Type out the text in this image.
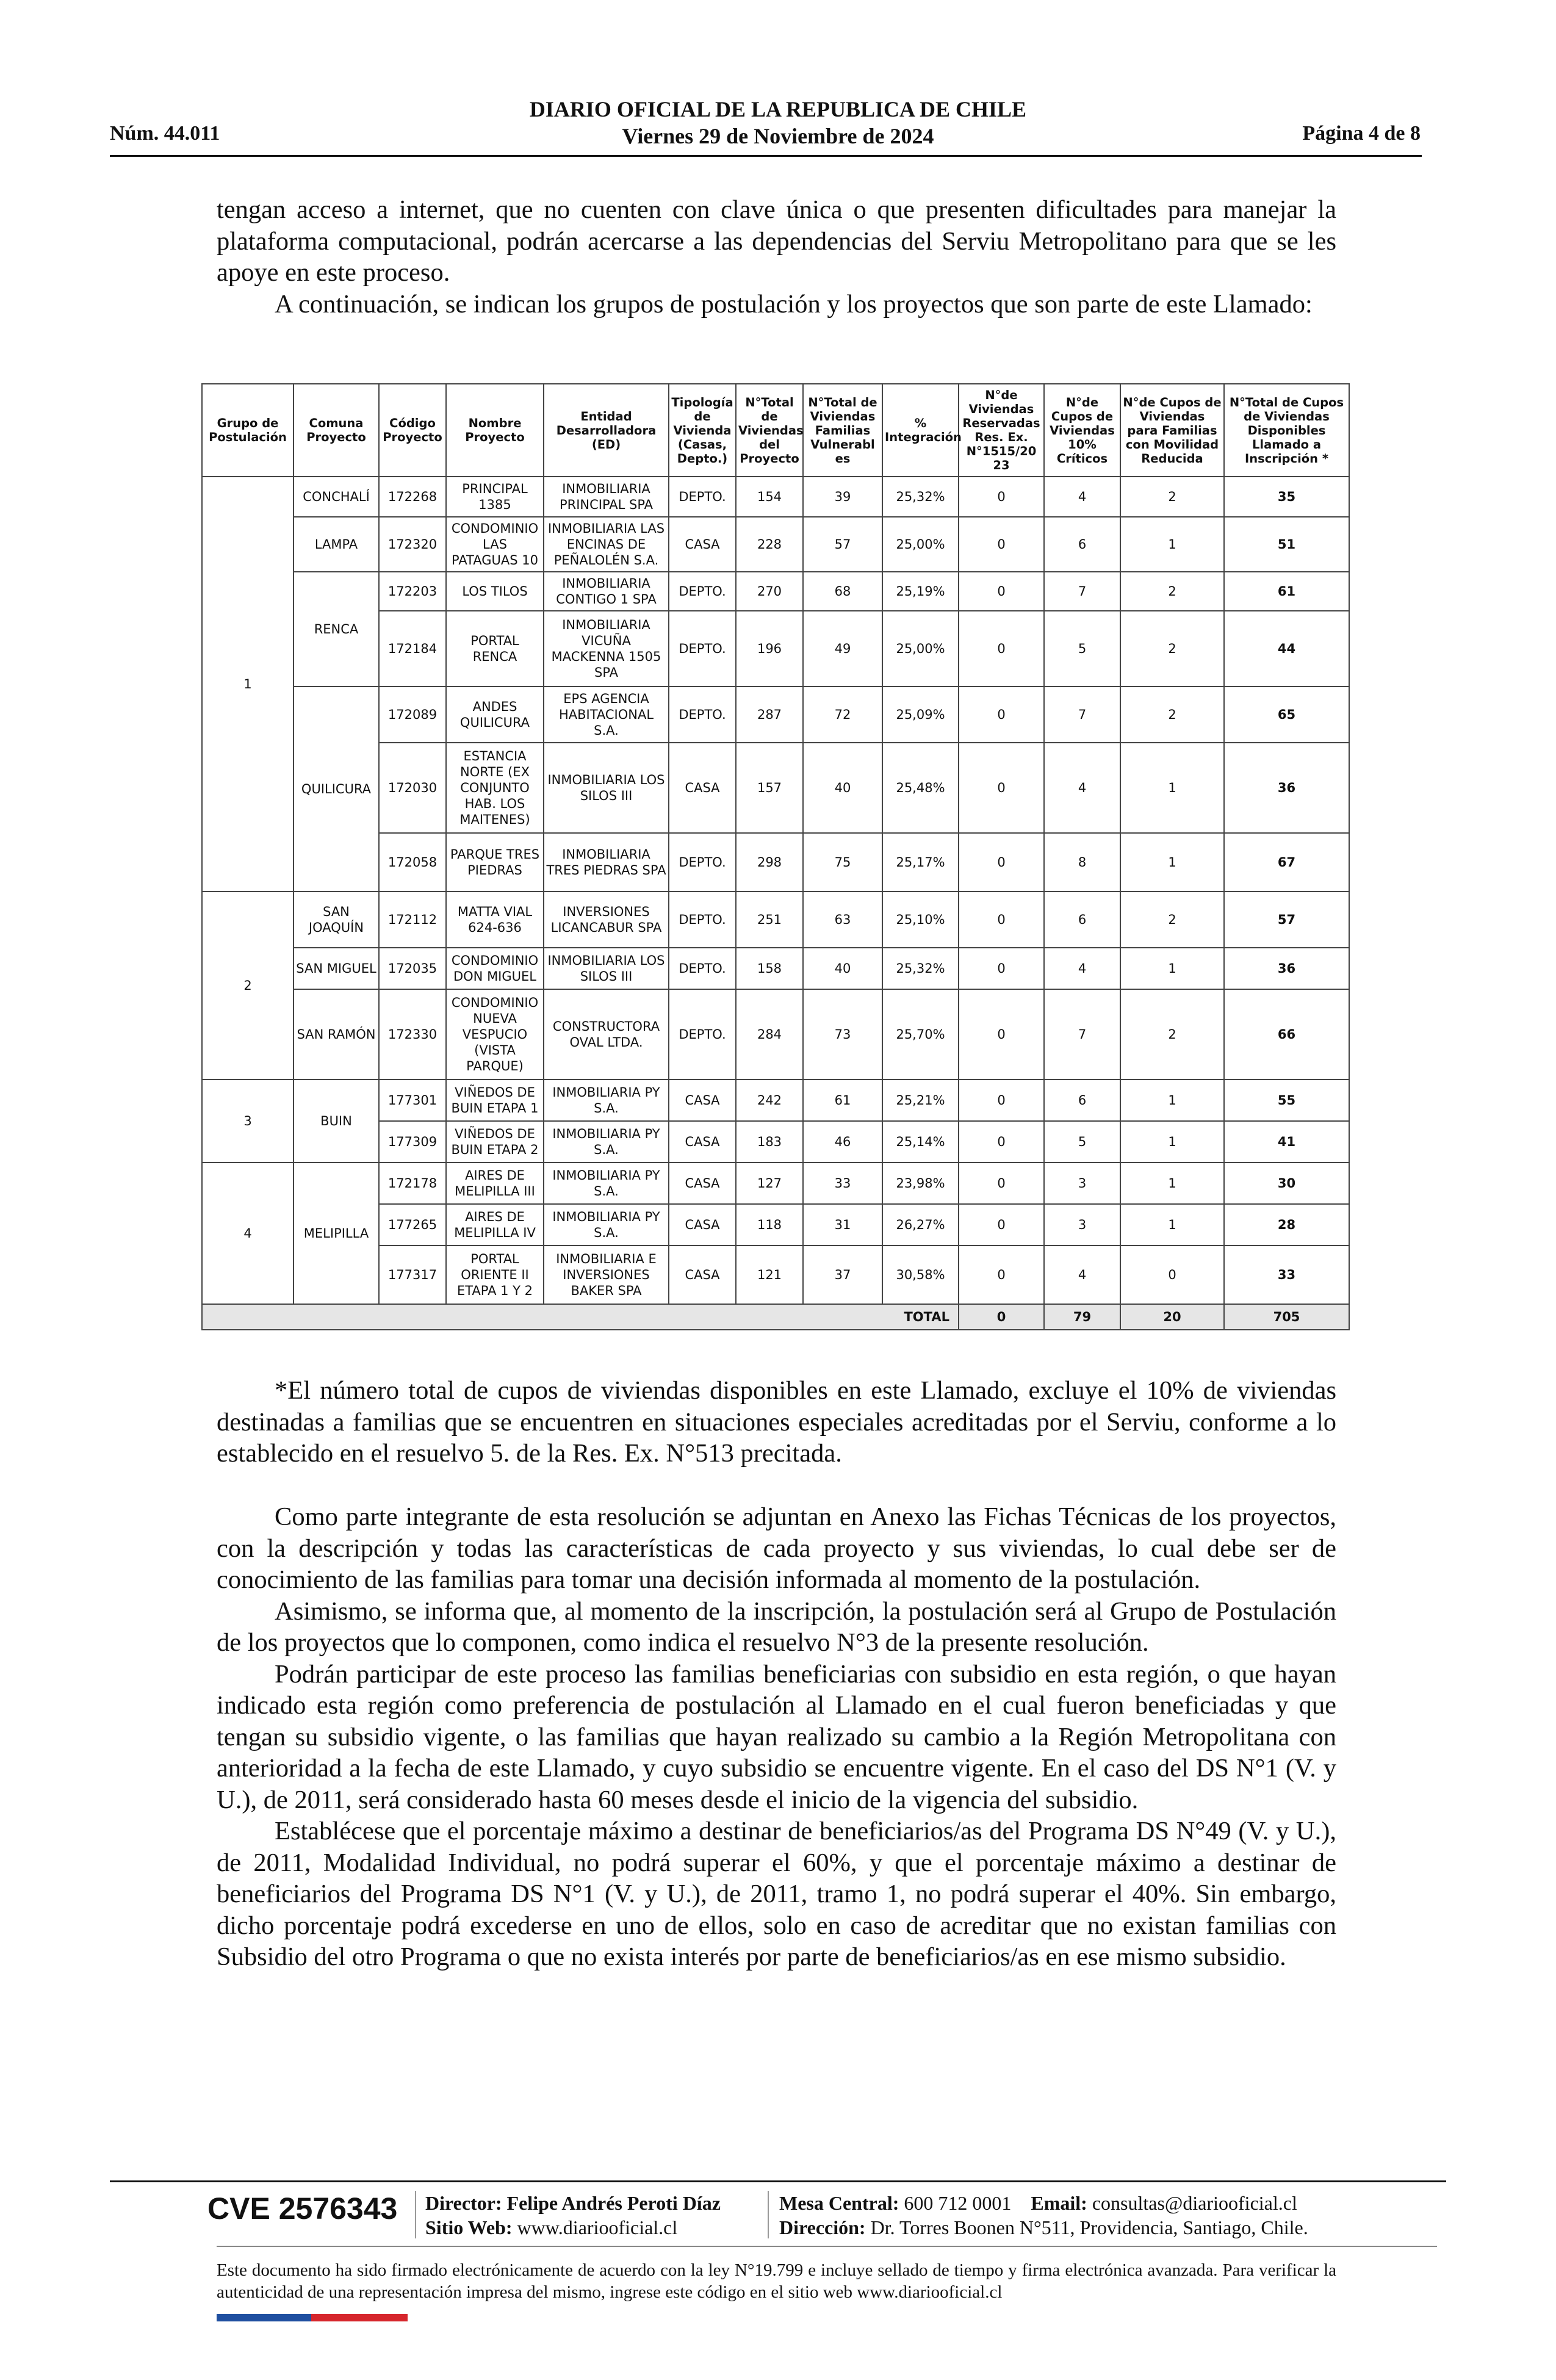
DIARIO OFICIAL DE LA REPUBLICA DE CHILE
Viernes 29 de Noviembre de 2024
Núm. 44.011	Página 4 de 8

tengan acceso a internet, que no cuenten con clave única o que presenten dificultades para manejar la plataforma computacional, podrán acercarse a las dependencias del Serviu Metropolitano para que se les apoye en este proceso.

A continuación, se indican los grupos de postulación y los proyectos que son parte de este Llamado:

Grupo de Postulación	Comuna Proyecto	Código Proyecto	Nombre Proyecto	Entidad Desarrolladora (ED)	Tipología de Vivienda (Casas, Depto.)	N°Total de Viviendas del Proyecto	N°Total de Viviendas Familias Vulnerabl es	% Integración	N°de Viviendas Reservadas Res. Ex. N°1515/20 23	N°de Cupos de Viviendas 10% Críticos	N°de Cupos de Viviendas para Familias con Movilidad Reducida	N°Total de Cupos de Viviendas Disponibles Llamado a Inscripción *
1	CONCHALÍ	172268	PRINCIPAL 1385	INMOBILIARIA PRINCIPAL SPA	DEPTO.	154	39	25,32%	0	4	2	35
	LAMPA	172320	CONDOMINIO LAS PATAGUAS 10	INMOBILIARIA LAS ENCINAS DE PEÑALOLÉN S.A.	CASA	228	57	25,00%	0	6	1	51
	RENCA	172203	LOS TILOS	INMOBILIARIA CONTIGO 1 SPA	DEPTO.	270	68	25,19%	0	7	2	61
		172184	PORTAL RENCA	INMOBILIARIA VICUÑA MACKENNA 1505 SPA	DEPTO.	196	49	25,00%	0	5	2	44
	QUILICURA	172089	ANDES QUILICURA	EPS AGENCIA HABITACIONAL S.A.	DEPTO.	287	72	25,09%	0	7	2	65
		172030	ESTANCIA NORTE (EX CONJUNTO HAB. LOS MAITENES)	INMOBILIARIA LOS SILOS III	CASA	157	40	25,48%	0	4	1	36
		172058	PARQUE TRES PIEDRAS	INMOBILIARIA TRES PIEDRAS SPA	DEPTO.	298	75	25,17%	0	8	1	67
2	SAN JOAQUÍN	172112	MATTA VIAL 624-636	INVERSIONES LICANCABUR SPA	DEPTO.	251	63	25,10%	0	6	2	57
	SAN MIGUEL	172035	CONDOMINIO DON MIGUEL	INMOBILIARIA LOS SILOS III	DEPTO.	158	40	25,32%	0	4	1	36
	SAN RAMÓN	172330	CONDOMINIO NUEVA VESPUCIO (VISTA PARQUE)	CONSTRUCTORA OVAL LTDA.	DEPTO.	284	73	25,70%	0	7	2	66
3	BUIN	177301	VIÑEDOS DE BUIN ETAPA 1	INMOBILIARIA PY S.A.	CASA	242	61	25,21%	0	6	1	55
		177309	VIÑEDOS DE BUIN ETAPA 2	INMOBILIARIA PY S.A.	CASA	183	46	25,14%	0	5	1	41
4	MELIPILLA	172178	AIRES DE MELIPILLA III	INMOBILIARIA PY S.A.	CASA	127	33	23,98%	0	3	1	30
		177265	AIRES DE MELIPILLA IV	INMOBILIARIA PY S.A.	CASA	118	31	26,27%	0	3	1	28
		177317	PORTAL ORIENTE II ETAPA 1 Y 2	INMOBILIARIA E INVERSIONES BAKER SPA	CASA	121	37	30,58%	0	4	0	33
TOTAL									0	79	20	705

*El número total de cupos de viviendas disponibles en este Llamado, excluye el 10% de viviendas destinadas a familias que se encuentren en situaciones especiales acreditadas por el Serviu, conforme a lo establecido en el resuelvo 5. de la Res. Ex. N°513 precitada.

Como parte integrante de esta resolución se adjuntan en Anexo las Fichas Técnicas de los proyectos, con la descripción y todas las características de cada proyecto y sus viviendas, lo cual debe ser de conocimiento de las familias para tomar una decisión informada al momento de la postulación.

Asimismo, se informa que, al momento de la inscripción, la postulación será al Grupo de Postulación de los proyectos que lo componen, como indica el resuelvo N°3 de la presente resolución.

Podrán participar de este proceso las familias beneficiarias con subsidio en esta región, o que hayan indicado esta región como preferencia de postulación al Llamado en el cual fueron beneficiadas y que tengan su subsidio vigente, o las familias que hayan realizado su cambio a la Región Metropolitana con anterioridad a la fecha de este Llamado, y cuyo subsidio se encuentre vigente. En el caso del DS N°1 (V. y U.), de 2011, será considerado hasta 60 meses desde el inicio de la vigencia del subsidio.

Establécese que el porcentaje máximo a destinar de beneficiarios/as del Programa DS N°49 (V. y U.), de 2011, Modalidad Individual, no podrá superar el 60%, y que el porcentaje máximo a destinar de beneficiarios del Programa DS N°1 (V. y U.), de 2011, tramo 1, no podrá superar el 40%. Sin embargo, dicho porcentaje podrá excederse en uno de ellos, solo en caso de acreditar que no existan familias con Subsidio del otro Programa o que no exista interés por parte de beneficiarios/as en ese mismo subsidio.

CVE 2576343 Director: Felipe Andrés Peroti Díaz
Sitio Web: www.diariooficial.cl
Mesa Central: 600 712 0001 Email: consultas@diariooficial.cl
Dirección: Dr. Torres Boonen N°511, Providencia, Santiago, Chile.
Este documento ha sido firmado electrónicamente de acuerdo con la ley N°19.799 e incluye sellado de tiempo y firma electrónica avanzada. Para verificar la autenticidad de una representación impresa del mismo, ingrese este código en el sitio web www.diariooficial.cl
